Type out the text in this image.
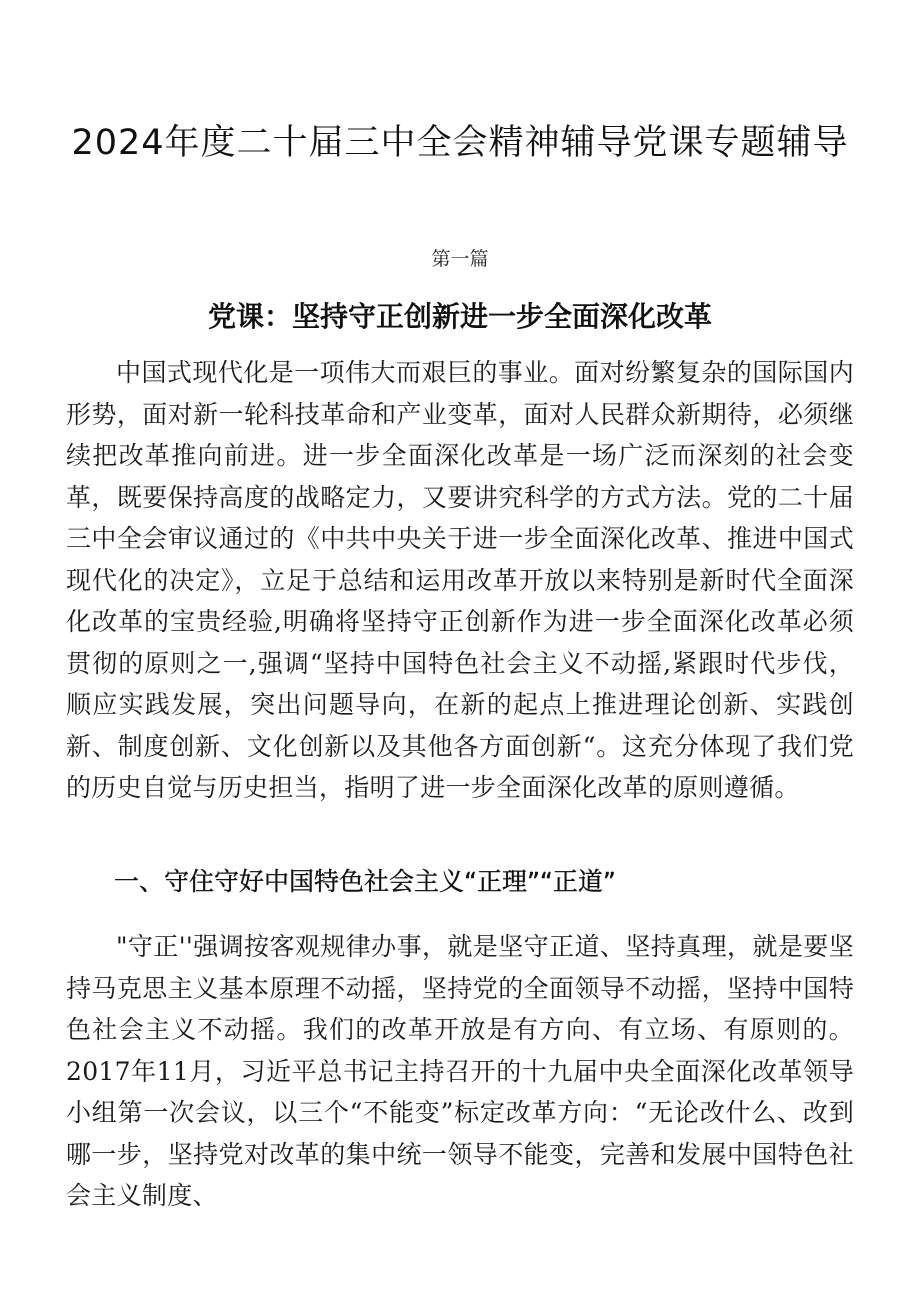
2024年度二十届三中全会精神辅导党课专题辅导
第一篇
党课：坚持守正创新进一步全面深化改革

中国式现代化是一项伟大而艰巨的事业。面对纷繁复杂的国际国内形势，面对新一轮科技革命和产业变革，面对人民群众新期待，必须继续把改革推向前进。进一步全面深化改革是一场广泛而深刻的社会变革，既要保持高度的战略定力，又要讲究科学的方式方法。党的二十届三中全会审议通过的《中共中央关于进一步全面深化改革、推进中国式现代化的决定》，立足于总结和运用改革开放以来特别是新时代全面深化改革的宝贵经验,明确将坚持守正创新作为进一步全面深化改革必须贯彻的原则之一,强调“坚持中国特色社会主义不动摇,紧跟时代步伐，顺应实践发展，突出问题导向，在新的起点上推进理论创新、实践创新、制度创新、文化创新以及其他各方面创新“。这充分体现了我们党的历史自觉与历史担当，指明了进一步全面深化改革的原则遵循。

一、守住守好中国特色社会主义“正理”“正道”

"守正''强调按客观规律办事，就是坚守正道、坚持真理，就是要坚持马克思主义基本原理不动摇，坚持党的全面领导不动摇，坚持中国特色社会主义不动摇。我们的改革开放是有方向、有立场、有原则的。2017年11月，习近平总书记主持召开的十九届中央全面深化改革领导小组第一次会议，以三个“不能变”标定改革方向：“无论改什么、改到哪一步，坚持党对改革的集中统一领导不能变，完善和发展中国特色社会主义制度、
